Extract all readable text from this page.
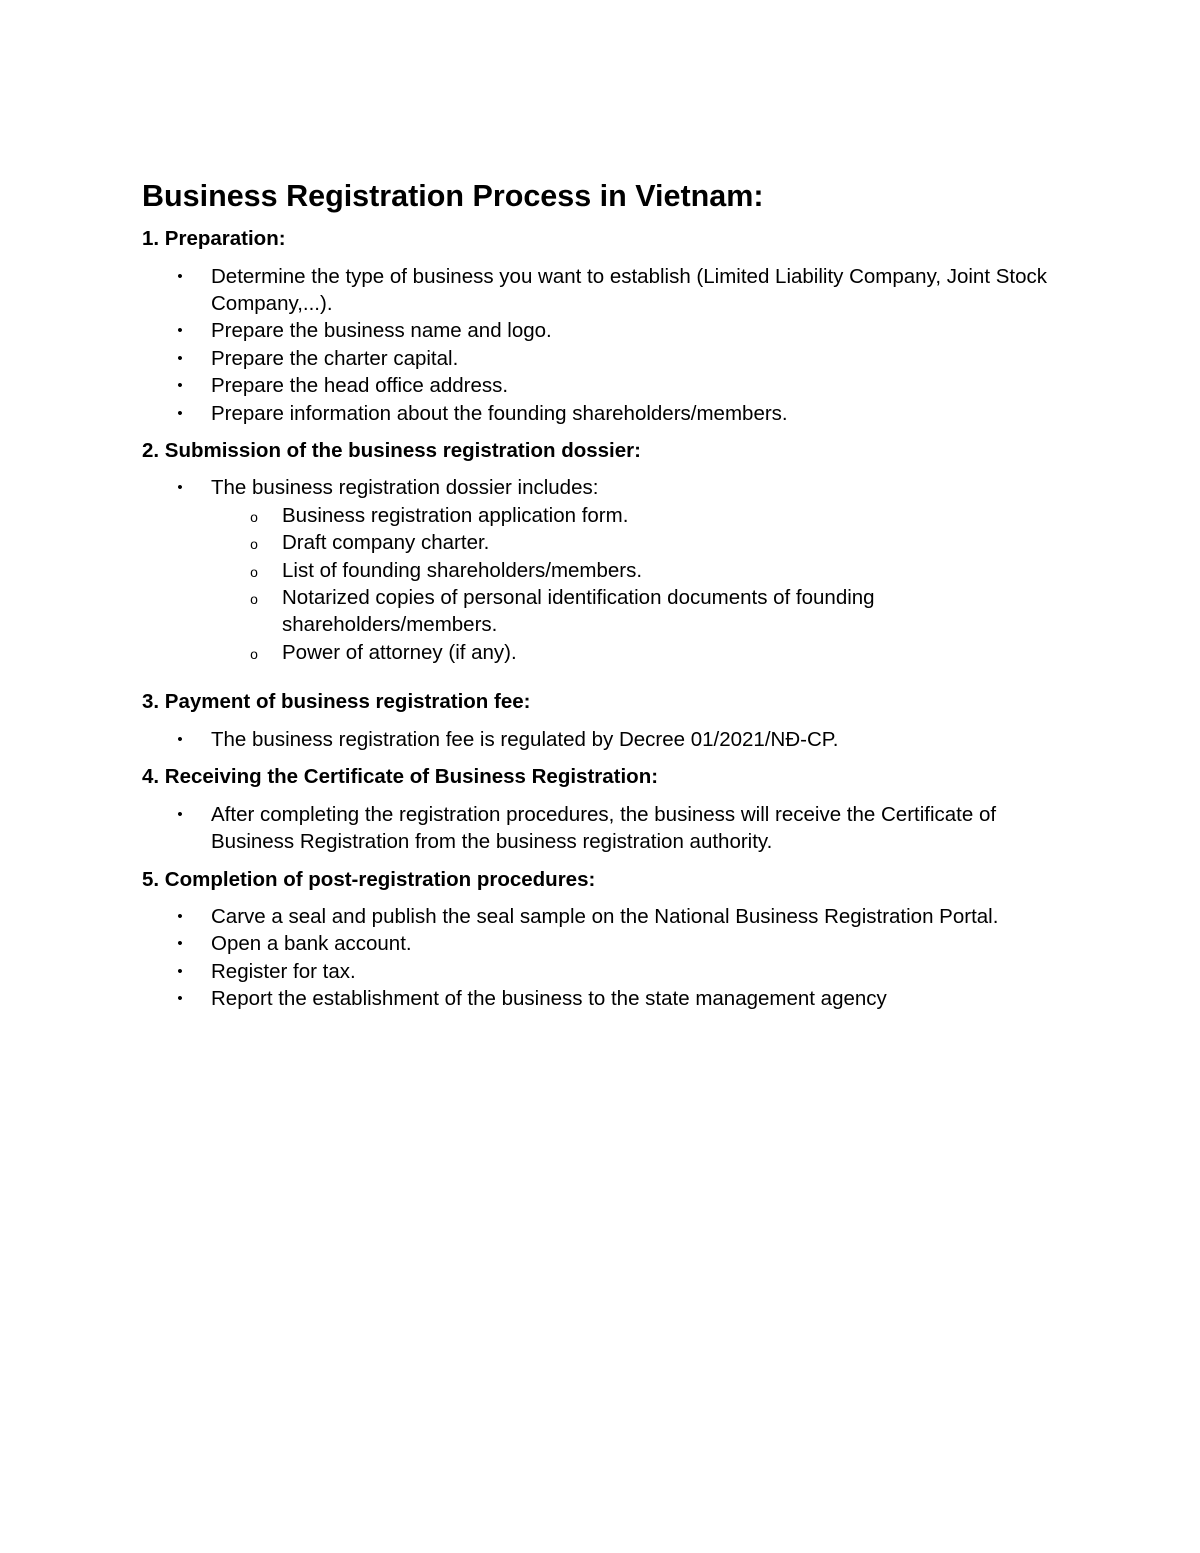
Business Registration Process in Vietnam:
1. Preparation:
• Determine the type of business you want to establish (Limited Liability Company, Joint Stock Company,...).
• Prepare the business name and logo.
• Prepare the charter capital.
• Prepare the head office address.
• Prepare information about the founding shareholders/members.
2. Submission of the business registration dossier:
• The business registration dossier includes:
o Business registration application form.
o Draft company charter.
o List of founding shareholders/members.
o Notarized copies of personal identification documents of founding shareholders/members.
o Power of attorney (if any).
3. Payment of business registration fee:
• The business registration fee is regulated by Decree 01/2021/NĐ-CP.
4. Receiving the Certificate of Business Registration:
• After completing the registration procedures, the business will receive the Certificate of Business Registration from the business registration authority.
5. Completion of post-registration procedures:
• Carve a seal and publish the seal sample on the National Business Registration Portal.
• Open a bank account.
• Register for tax.
• Report the establishment of the business to the state management agency
